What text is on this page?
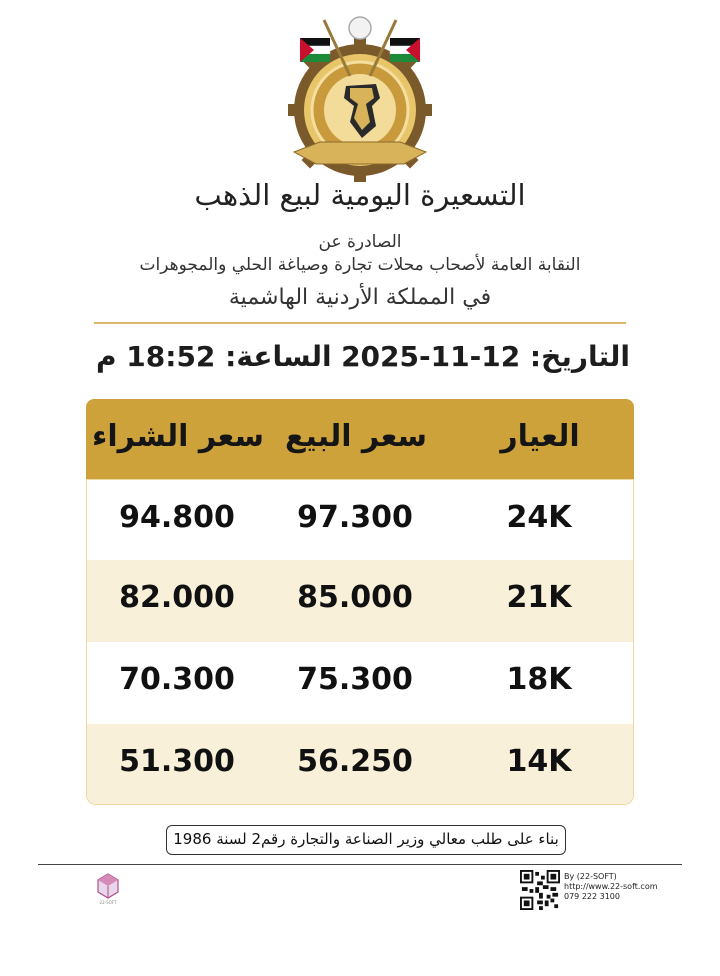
التسعيرة اليومية لبيع الذهب
الصادرة عن
النقابة العامة لأصحاب محلات تجارة وصياغة الحلي والمجوهرات
في المملكة الأردنية الهاشمية
التاريخ: 12-11-2025
الساعة: 18:52 م
العيار
سعر البيع
سعر الشراء
24K
97.300
94.800
21K
85.000
82.000
18K
75.300
70.300
14K
56.250
51.300
بناء على طلب معالي وزير الصناعة والتجارة رقم2 لسنة 1986
22-SOFT
By (22-SOFT)
http://www.22-soft.com
079 222 3100
